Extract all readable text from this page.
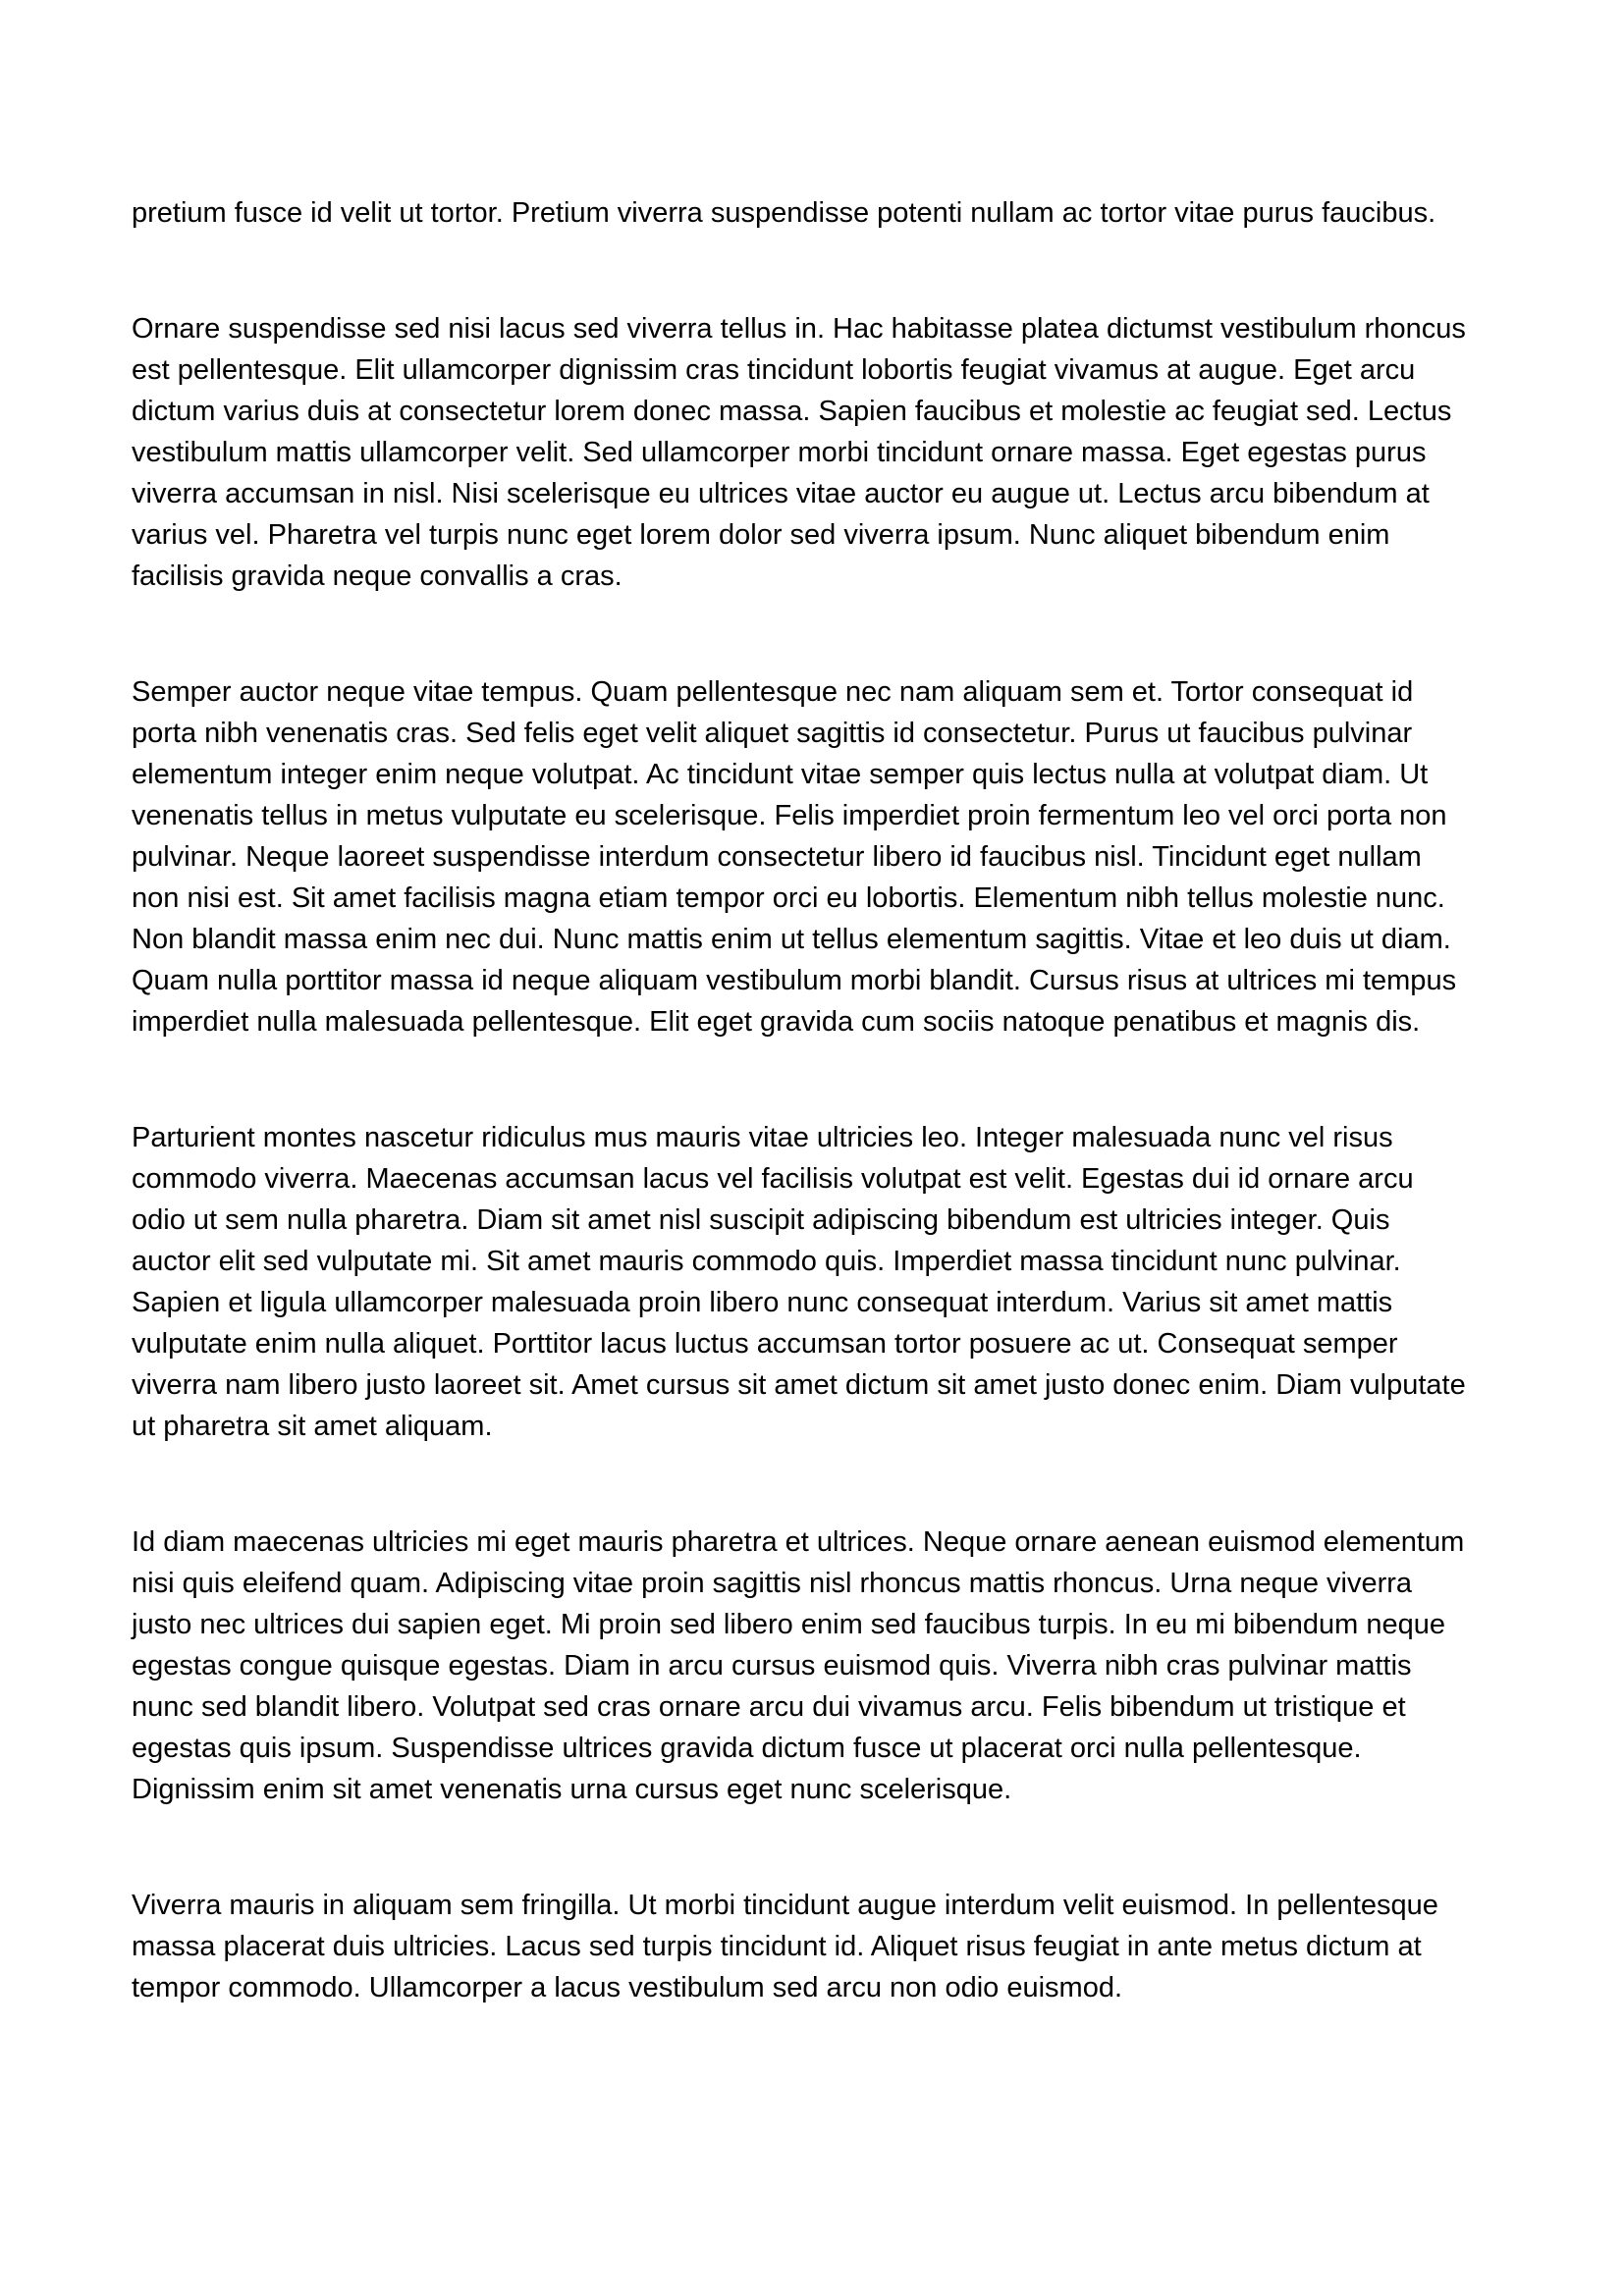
pretium fusce id velit ut tortor. Pretium viverra suspendisse potenti nullam ac tortor vitae purus faucibus.

Ornare suspendisse sed nisi lacus sed viverra tellus in. Hac habitasse platea dictumst vestibulum rhoncus est pellentesque. Elit ullamcorper dignissim cras tincidunt lobortis feugiat vivamus at augue. Eget arcu dictum varius duis at consectetur lorem donec massa. Sapien faucibus et molestie ac feugiat sed. Lectus vestibulum mattis ullamcorper velit. Sed ullamcorper morbi tincidunt ornare massa. Eget egestas purus viverra accumsan in nisl. Nisi scelerisque eu ultrices vitae auctor eu augue ut. Lectus arcu bibendum at varius vel. Pharetra vel turpis nunc eget lorem dolor sed viverra ipsum. Nunc aliquet bibendum enim facilisis gravida neque convallis a cras.

Semper auctor neque vitae tempus. Quam pellentesque nec nam aliquam sem et. Tortor consequat id porta nibh venenatis cras. Sed felis eget velit aliquet sagittis id consectetur. Purus ut faucibus pulvinar elementum integer enim neque volutpat. Ac tincidunt vitae semper quis lectus nulla at volutpat diam. Ut venenatis tellus in metus vulputate eu scelerisque. Felis imperdiet proin fermentum leo vel orci porta non pulvinar. Neque laoreet suspendisse interdum consectetur libero id faucibus nisl. Tincidunt eget nullam non nisi est. Sit amet facilisis magna etiam tempor orci eu lobortis. Elementum nibh tellus molestie nunc. Non blandit massa enim nec dui. Nunc mattis enim ut tellus elementum sagittis. Vitae et leo duis ut diam. Quam nulla porttitor massa id neque aliquam vestibulum morbi blandit. Cursus risus at ultrices mi tempus imperdiet nulla malesuada pellentesque. Elit eget gravida cum sociis natoque penatibus et magnis dis.

Parturient montes nascetur ridiculus mus mauris vitae ultricies leo. Integer malesuada nunc vel risus commodo viverra. Maecenas accumsan lacus vel facilisis volutpat est velit. Egestas dui id ornare arcu odio ut sem nulla pharetra. Diam sit amet nisl suscipit adipiscing bibendum est ultricies integer. Quis auctor elit sed vulputate mi. Sit amet mauris commodo quis. Imperdiet massa tincidunt nunc pulvinar. Sapien et ligula ullamcorper malesuada proin libero nunc consequat interdum. Varius sit amet mattis vulputate enim nulla aliquet. Porttitor lacus luctus accumsan tortor posuere ac ut. Consequat semper viverra nam libero justo laoreet sit. Amet cursus sit amet dictum sit amet justo donec enim. Diam vulputate ut pharetra sit amet aliquam.

Id diam maecenas ultricies mi eget mauris pharetra et ultrices. Neque ornare aenean euismod elementum nisi quis eleifend quam. Adipiscing vitae proin sagittis nisl rhoncus mattis rhoncus. Urna neque viverra justo nec ultrices dui sapien eget. Mi proin sed libero enim sed faucibus turpis. In eu mi bibendum neque egestas congue quisque egestas. Diam in arcu cursus euismod quis. Viverra nibh cras pulvinar mattis nunc sed blandit libero. Volutpat sed cras ornare arcu dui vivamus arcu. Felis bibendum ut tristique et egestas quis ipsum. Suspendisse ultrices gravida dictum fusce ut placerat orci nulla pellentesque. Dignissim enim sit amet venenatis urna cursus eget nunc scelerisque.

Viverra mauris in aliquam sem fringilla. Ut morbi tincidunt augue interdum velit euismod. In pellentesque massa placerat duis ultricies. Lacus sed turpis tincidunt id. Aliquet risus feugiat in ante metus dictum at tempor commodo. Ullamcorper a lacus vestibulum sed arcu non odio euismod.
